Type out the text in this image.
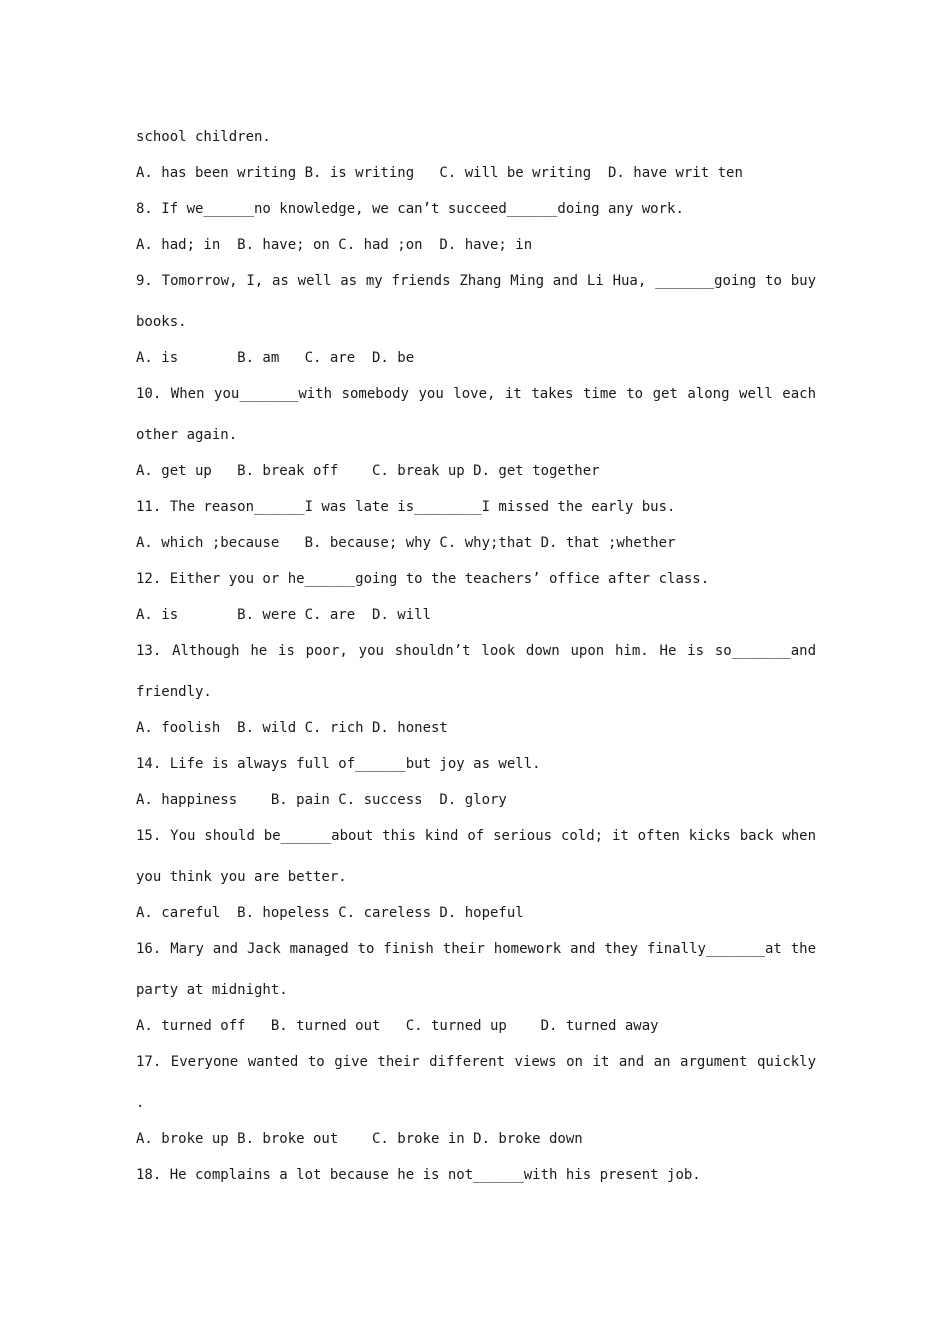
school children.
A. has been writing B. is writing   C. will be writing  D. have writ ten
8. If we______no knowledge, we can’t succeed______doing any work.
A. had; in  B. have; on C. had ;on  D. have; in
9. Tomorrow, I, as well as my friends Zhang Ming and Li Hua, _______going to buy
books.
A. is       B. am   C. are  D. be
10. When you_______with somebody you love, it takes time to get along well each
other again.
A. get up   B. break off    C. break up D. get together
11. The reason______I was late is________I missed the early bus.
A. which ;because   B. because; why C. why;that D. that ;whether
12. Either you or he______going to the teachers’ office after class.
A. is       B. were C. are  D. will
13. Although he is poor, you shouldn’t look down upon him. He is so_______and
friendly.
A. foolish  B. wild C. rich D. honest
14. Life is always full of______but joy as well.
A. happiness    B. pain C. success  D. glory
15. You should be______about this kind of serious cold; it often kicks back when
you think you are better.
A. careful  B. hopeless C. careless D. hopeful
16. Mary and Jack managed to finish their homework and they finally_______at the
party at midnight.
A. turned off   B. turned out   C. turned up    D. turned away
17. Everyone wanted to give their different views on it and an argument quickly
.
A. broke up B. broke out    C. broke in D. broke down
18. He complains a lot because he is not______with his present job.
